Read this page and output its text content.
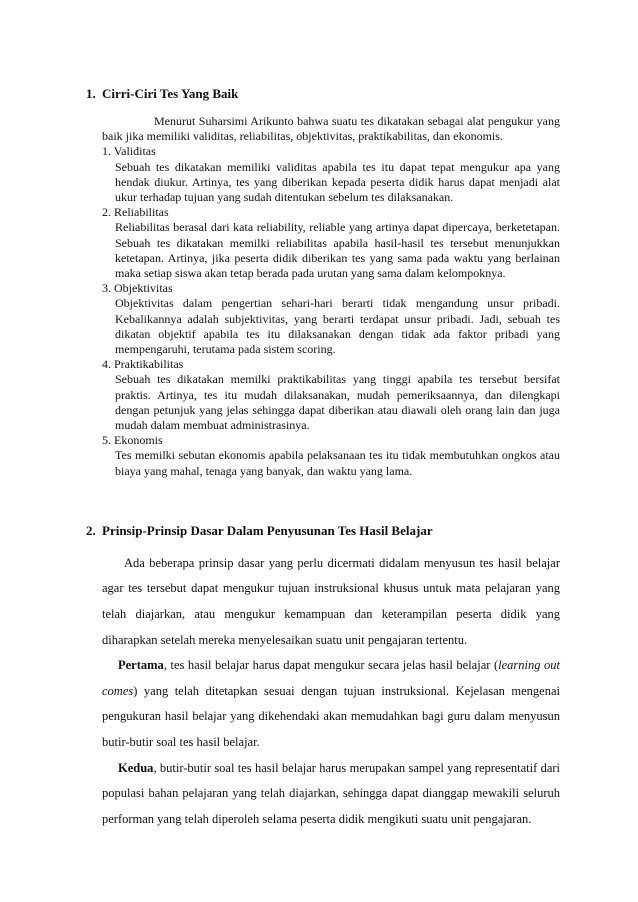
1. Cirri-Ciri Tes Yang Baik

Menurut Suharsimi Arikunto bahwa suatu tes dikatakan sebagai alat pengukur yang baik jika memiliki validitas, reliabilitas, objektivitas, praktikabilitas, dan ekonomis.

1. Validitas

Sebuah tes dikatakan memiliki validitas apabila tes itu dapat tepat mengukur apa yang hendak diukur. Artinya, tes yang diberikan kepada peserta didik harus dapat menjadi alat ukur terhadap tujuan yang sudah ditentukan sebelum tes dilaksanakan.

2. Reliabilitas

Reliabilitas berasal dari kata reliability, reliable yang artinya dapat dipercaya, berketetapan. Sebuah tes dikatakan memilki reliabilitas apabila hasil-hasil tes tersebut menunjukkan ketetapan. Artinya, jika peserta didik diberikan tes yang sama pada waktu yang berlainan maka setiap siswa akan tetap berada pada urutan yang sama dalam kelompoknya.

3. Objektivitas

Objektivitas dalam pengertian sehari-hari berarti tidak mengandung unsur pribadi. Kebalikannya adalah subjektivitas, yang berarti terdapat unsur pribadi. Jadi, sebuah tes dikatan objektif apabila tes itu dilaksanakan dengan tidak ada faktor pribadi yang mempengaruhi, terutama pada sistem scoring.

4. Praktikabilitas

Sebuah tes dikatakan memilki praktikabilitas yang tinggi apabila tes tersebut bersifat praktis. Artinya, tes itu mudah dilaksanakan, mudah pemeriksaannya, dan dilengkapi dengan petunjuk yang jelas sehingga dapat diberikan atau diawali oleh orang lain dan juga mudah dalam membuat administrasinya.

5. Ekonomis

Tes memilki sebutan ekonomis apabila pelaksanaan tes itu tidak membutuhkan ongkos atau biaya yang mahal, tenaga yang banyak, dan waktu yang lama.

2. Prinsip-Prinsip Dasar Dalam Penyusunan Tes Hasil Belajar

Ada beberapa prinsip dasar yang perlu dicermati didalam menyusun tes hasil belajar agar tes tersebut dapat mengukur tujuan instruksional khusus untuk mata pelajaran yang telah diajarkan, atau mengukur kemampuan dan keterampilan peserta didik yang diharapkan setelah mereka menyelesaikan suatu unit pengajaran tertentu.

Pertama, tes hasil belajar harus dapat mengukur secara jelas hasil belajar (learning out comes) yang telah ditetapkan sesuai dengan tujuan instruksional. Kejelasan mengenai pengukuran hasil belajar yang dikehendaki akan memudahkan bagi guru dalam menyusun butir-butir soal tes hasil belajar.

Kedua, butir-butir soal tes hasil belajar harus merupakan sampel yang representatif dari populasi bahan pelajaran yang telah diajarkan, sehingga dapat dianggap mewakili seluruh performan yang telah diperoleh selama peserta didik mengikuti suatu unit pengajaran.
